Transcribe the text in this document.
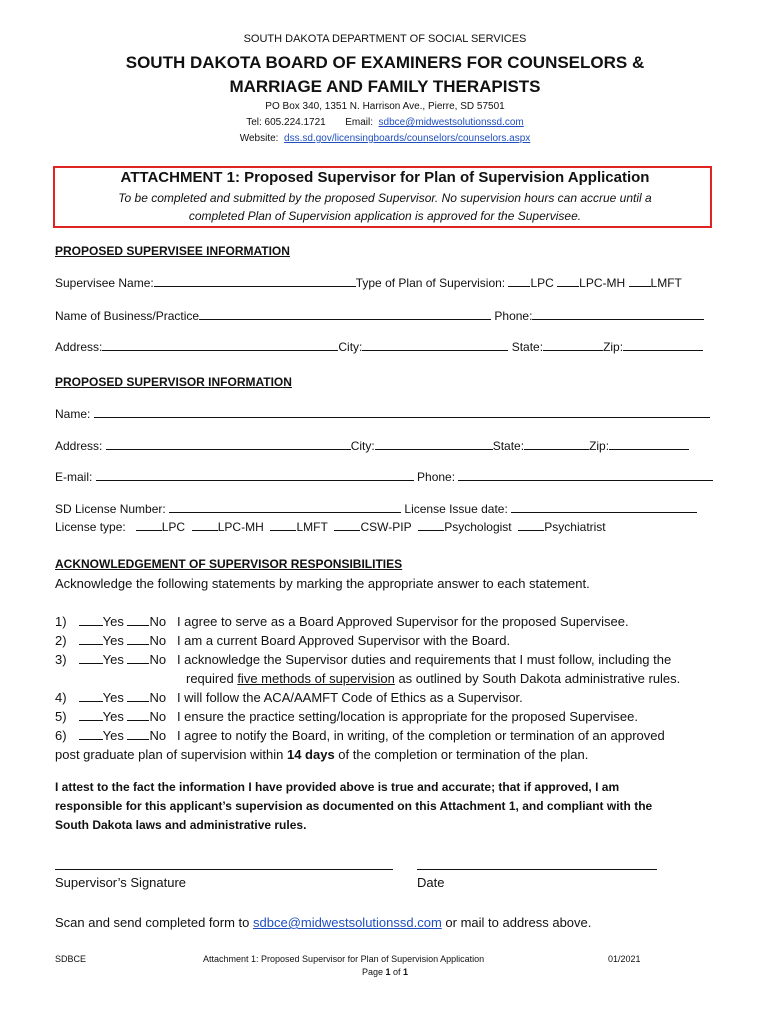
SOUTH DAKOTA DEPARTMENT OF SOCIAL SERVICES
SOUTH DAKOTA BOARD OF EXAMINERS FOR COUNSELORS &
MARRIAGE AND FAMILY THERAPISTS
PO Box 340, 1351 N. Harrison Ave., Pierre, SD 57501
Tel: 605.224.1721 Email: sdbce@midwestsolutionssd.com
Website: dss.sd.gov/licensingboards/counselors/counselors.aspx
ATTACHMENT 1: Proposed Supervisor for Plan of Supervision Application
To be completed and submitted by the proposed Supervisor. No supervision hours can accrue until a
completed Plan of Supervision application is approved for the Supervisee.
PROPOSED SUPERVISEE INFORMATION
Supervisee Name:	Type of Plan of Supervision: LPC LPC-MH LMFT
Name of Business/Practice	Phone:
Address:	City:	State:	Zip:
PROPOSED SUPERVISOR INFORMATION
Name:
Address:	City:	State:	Zip:
E-mail:	Phone:
SD License Number:	License Issue date:
License type:	LPC	LPC-MH	LMFT	CSW-PIP	Psychologist	Psychiatrist
ACKNOWLEDGEMENT OF SUPERVISOR RESPONSIBILITIES
Acknowledge the following statements by marking the appropriate answer to each statement.
1)	Yes No I agree to serve as a Board Approved Supervisor for the proposed Supervisee.
2)	Yes No I am a current Board Approved Supervisor with the Board.
3)	Yes No I acknowledge the Supervisor duties and requirements that I must follow, including the
required five methods of supervision as outlined by South Dakota administrative rules.
4)	Yes No I will follow the ACA/AAMFT Code of Ethics as a Supervisor.
5)	Yes No I ensure the practice setting/location is appropriate for the proposed Supervisee.
6)	Yes No I agree to notify the Board, in writing, of the completion or termination of an approved
post graduate plan of supervision within 14 days of the completion or termination of the plan.
I attest to the fact the information I have provided above is true and accurate; that if approved, I am
responsible for this applicant’s supervision as documented on this Attachment 1, and compliant with the
South Dakota laws and administrative rules.
Supervisor’s Signature	Date
Scan and send completed form to sdbce@midwestsolutionssd.com or mail to address above.
SDBCE	Attachment 1: Proposed Supervisor for Plan of Supervision Application	01/2021
Page 1 of 1
